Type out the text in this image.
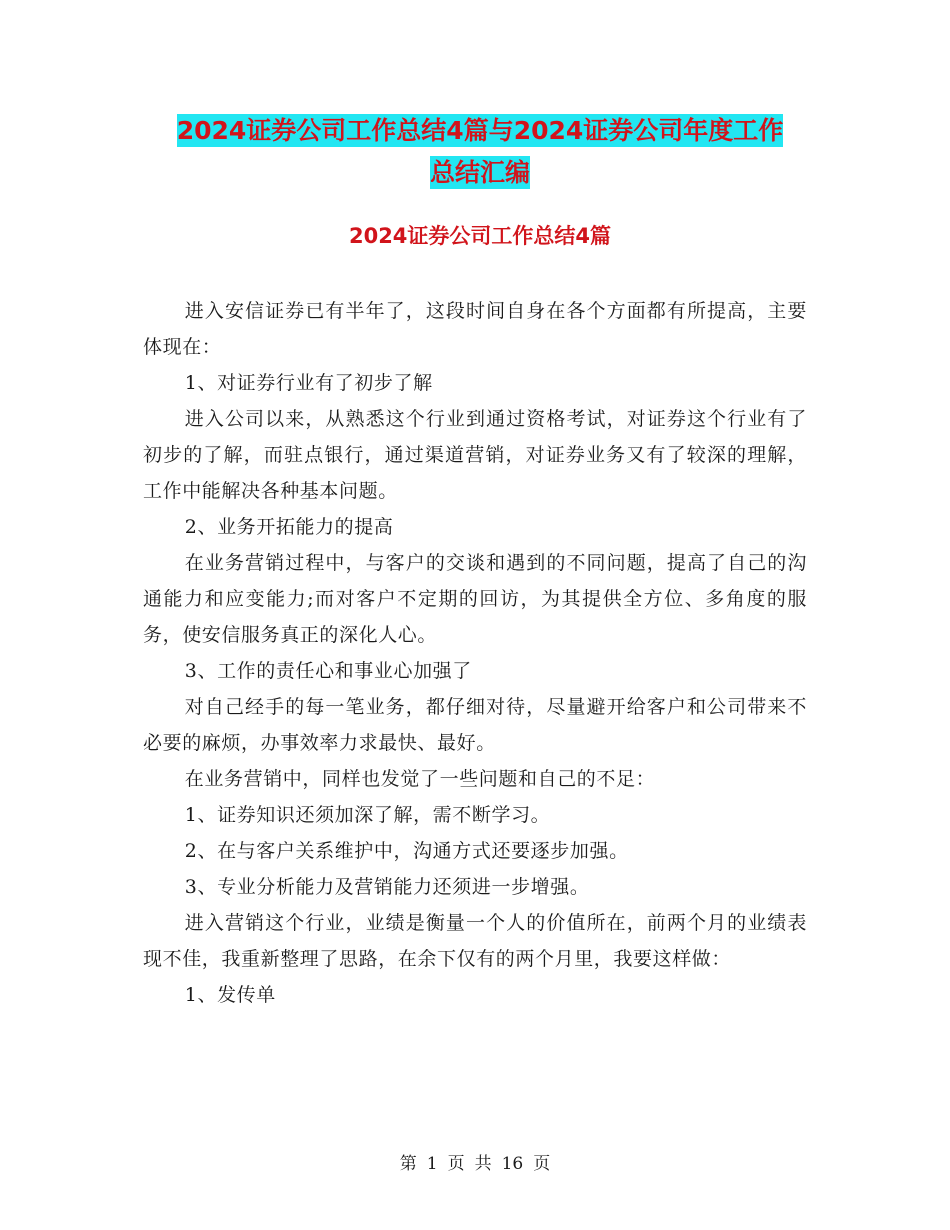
2024证券公司工作总结4篇与2024证券公司年度工作
总结汇编
2024证券公司工作总结4篇

进入安信证券已有半年了，这段时间自身在各个方面都有所提高，主要体现在：

1、对证券行业有了初步了解

进入公司以来，从熟悉这个行业到通过资格考试，对证券这个行业有了初步的了解，而驻点银行，通过渠道营销，对证券业务又有了较深的理解，工作中能解决各种基本问题。

2、业务开拓能力的提高

在业务营销过程中，与客户的交谈和遇到的不同问题，提高了自己的沟通能力和应变能力;而对客户不定期的回访，为其提供全方位、多角度的服务，使安信服务真正的深化人心。

3、工作的责任心和事业心加强了

对自己经手的每一笔业务，都仔细对待，尽量避开给客户和公司带来不必要的麻烦，办事效率力求最快、最好。

在业务营销中，同样也发觉了一些问题和自己的不足：

1、证券知识还须加深了解，需不断学习。

2、在与客户关系维护中，沟通方式还要逐步加强。

3、专业分析能力及营销能力还须进一步增强。

进入营销这个行业，业绩是衡量一个人的价值所在，前两个月的业绩表现不佳，我重新整理了思路，在余下仅有的两个月里，我要这样做：

1、发传单

第 1 页 共 16 页
